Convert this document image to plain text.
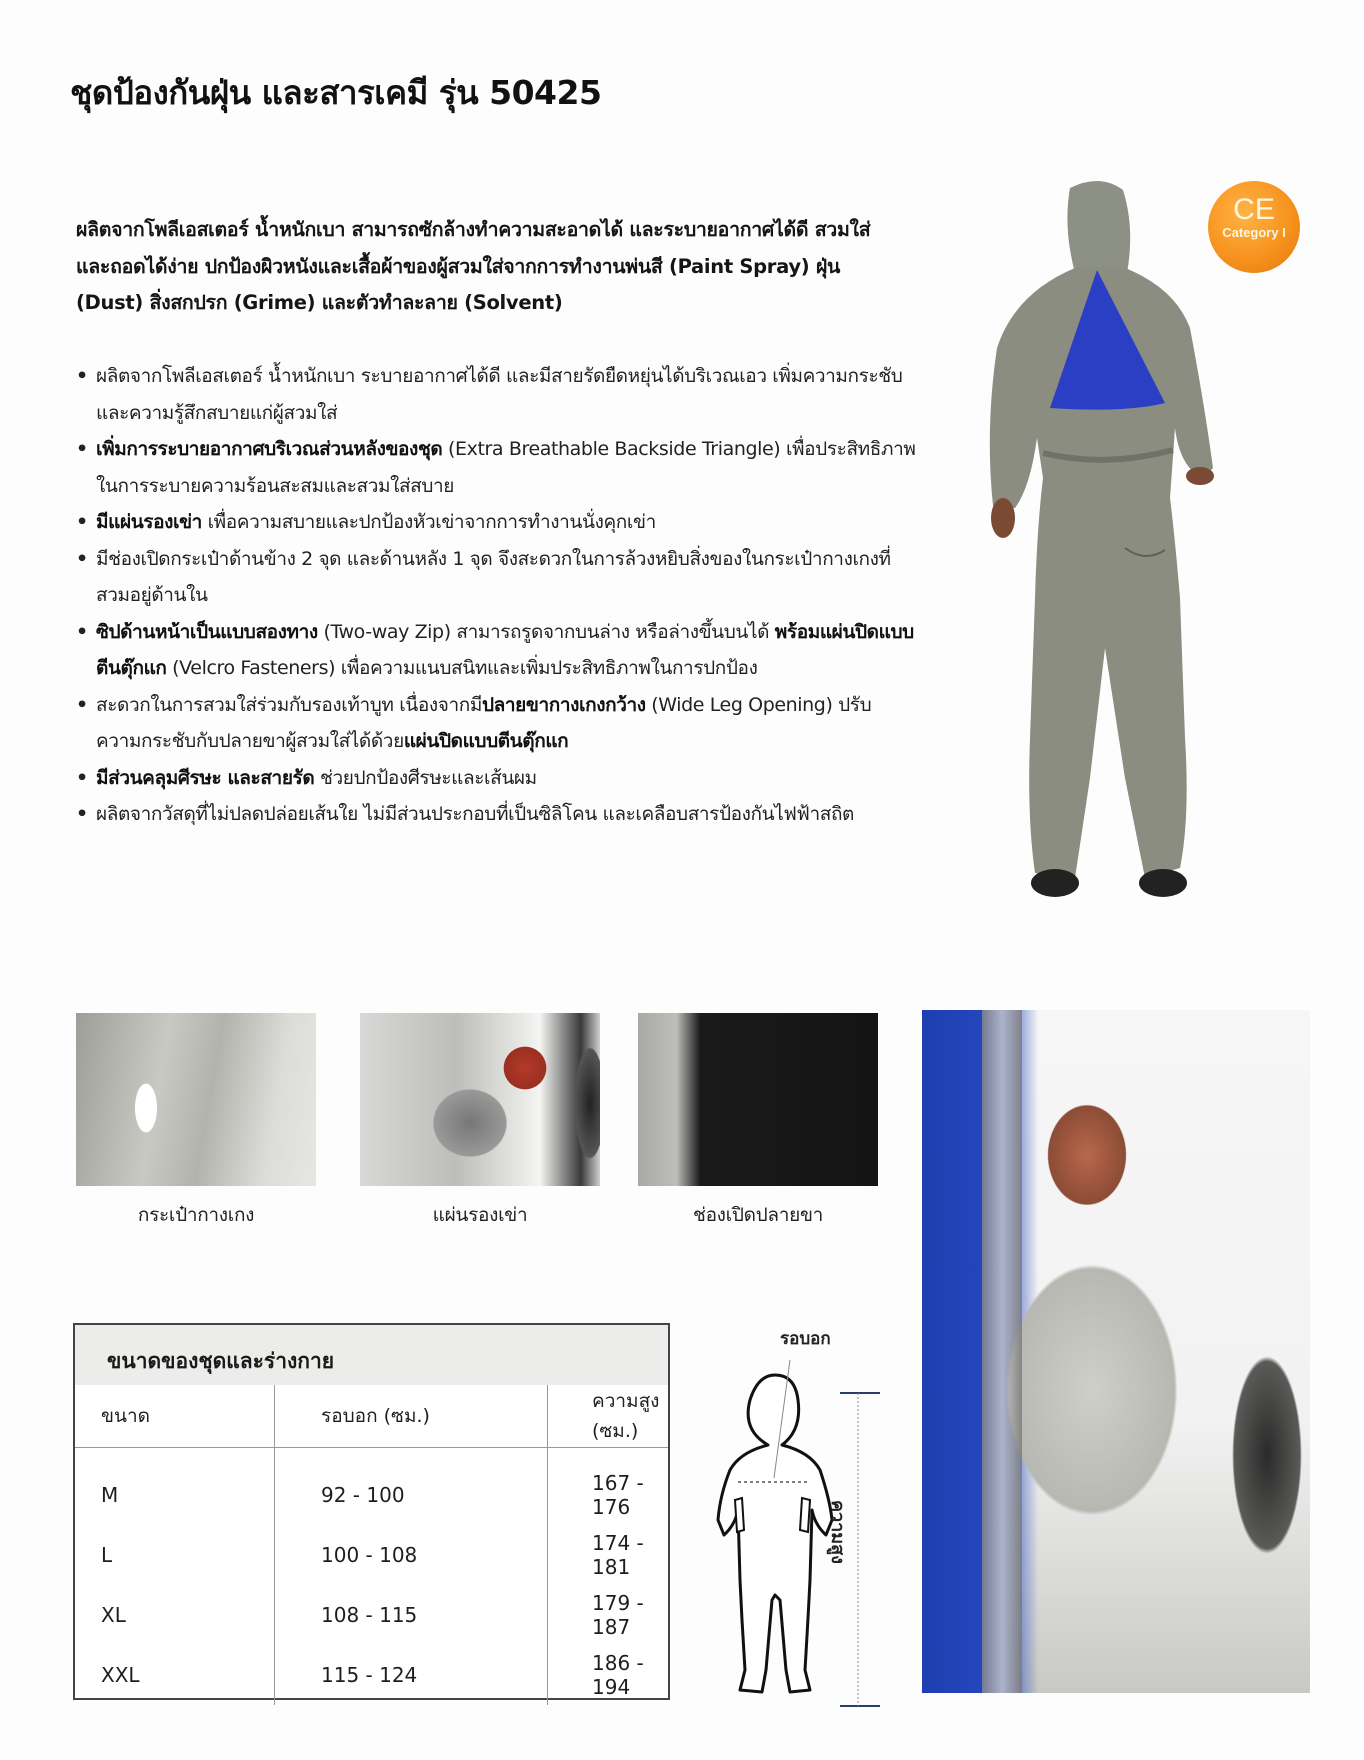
ชุดป้องกันฝุ่น และสารเคมี รุ่น 50425
ผลิตจากโพลีเอสเตอร์ น้ำหนักเบา สามารถซักล้างทำความสะอาดได้ และระบายอากาศได้ดี สวมใส่และถอดได้ง่าย ปกป้องผิวหนังและเสื้อผ้าของผู้สวมใส่จากการทำงานพ่นสี (Paint Spray) ฝุ่น (Dust) สิ่งสกปรก (Grime) และตัวทำละลาย (Solvent)
• ผลิตจากโพลีเอสเตอร์ น้ำหนักเบา ระบายอากาศได้ดี และมีสายรัดยืดหยุ่นได้บริเวณเอว เพิ่มความกระชับและความรู้สึกสบายแก่ผู้สวมใส่
• เพิ่มการระบายอากาศบริเวณส่วนหลังของชุด (Extra Breathable Backside Triangle) เพื่อประสิทธิภาพในการระบายความร้อนสะสมและสวมใส่สบาย
• มีแผ่นรองเข่า เพื่อความสบายและปกป้องหัวเข่าจากการทำงานนั่งคุกเข่า
• มีช่องเปิดกระเป๋าด้านข้าง 2 จุด และด้านหลัง 1 จุด จึงสะดวกในการล้วงหยิบสิ่งของในกระเป๋ากางเกงที่สวมอยู่ด้านใน
• ซิปด้านหน้าเป็นแบบสองทาง (Two-way Zip) สามารถรูดจากบนล่าง หรือล่างขึ้นบนได้ พร้อมแผ่นปิดแบบตีนตุ๊กแก (Velcro Fasteners) เพื่อความแนบสนิทและเพิ่มประสิทธิภาพในการปกป้อง
• สะดวกในการสวมใส่ร่วมกับรองเท้าบูท เนื่องจากมีปลายขากางเกงกว้าง (Wide Leg Opening) ปรับความกระชับกับปลายขาผู้สวมใส่ได้ด้วยแผ่นปิดแบบตีนตุ๊กแก
• มีส่วนคลุมศีรษะ และสายรัด ช่วยปกป้องศีรษะและเส้นผม
• ผลิตจากวัสดุที่ไม่ปลดปล่อยเส้นใย ไม่มีส่วนประกอบที่เป็นซิลิโคน และเคลือบสารป้องกันไฟฟ้าสถิต
CE
Category I
กระเป๋ากางเกง	แผ่นรองเข่า	ช่องเปิดปลายขา
ขนาดของชุดและร่างกาย
ขนาด	รอบอก (ซม.)	ความสูง (ซม.)
M	92 - 100	167 - 176
L	100 - 108	174 - 181
XL	108 - 115	179 - 187
XXL	115 - 124	186 - 194
รอบอก
ความสูง
